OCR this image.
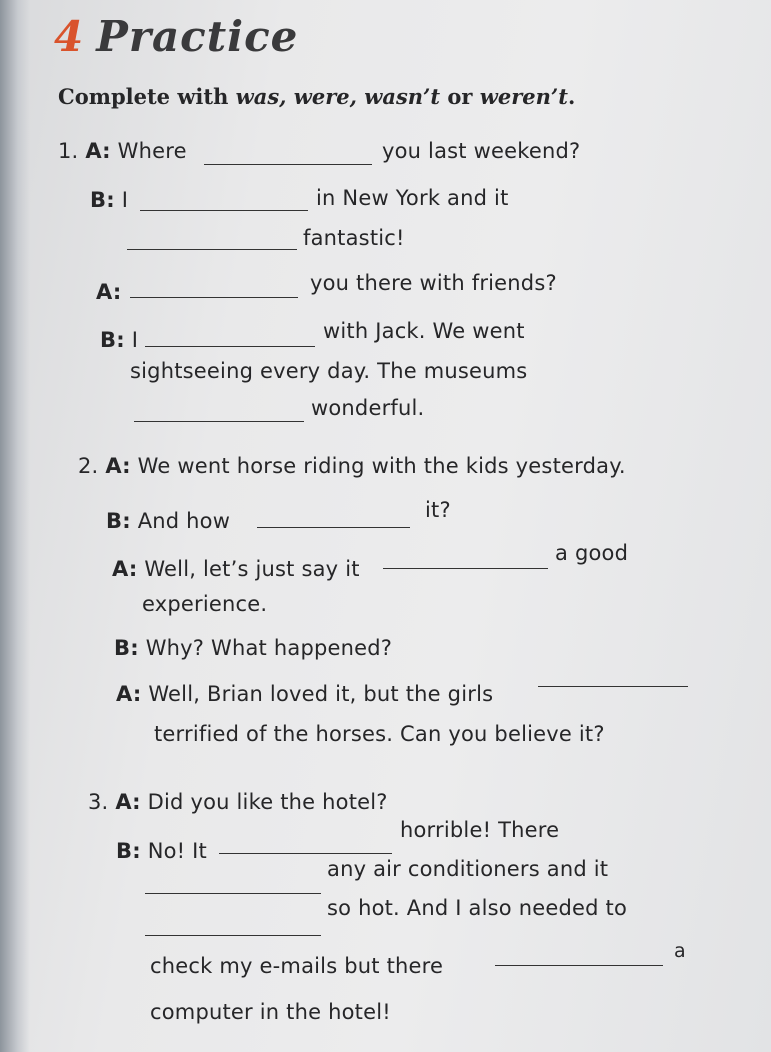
4 Practice
Complete with was, were, wasn’t or weren’t.
1. A: Where	you last weekend?
B: I	in New York and it
fantastic!
A:	you there with friends?
B: I	with Jack. We went
sightseeing every day. The museums
wonderful.
2. A: We went horse riding with the kids yesterday.
B: And how	it?
A: Well, let’s just say it
a good
experience.
B: Why? What happened?
A: Well, Brian loved it, but the girls
terrified of the horses. Can you believe it?
3. A: Did you like the hotel?
B: No! It
horrible! There
any air conditioners and it
so hot. And I also needed to
check my e-mails but there
a
computer in the hotel!
